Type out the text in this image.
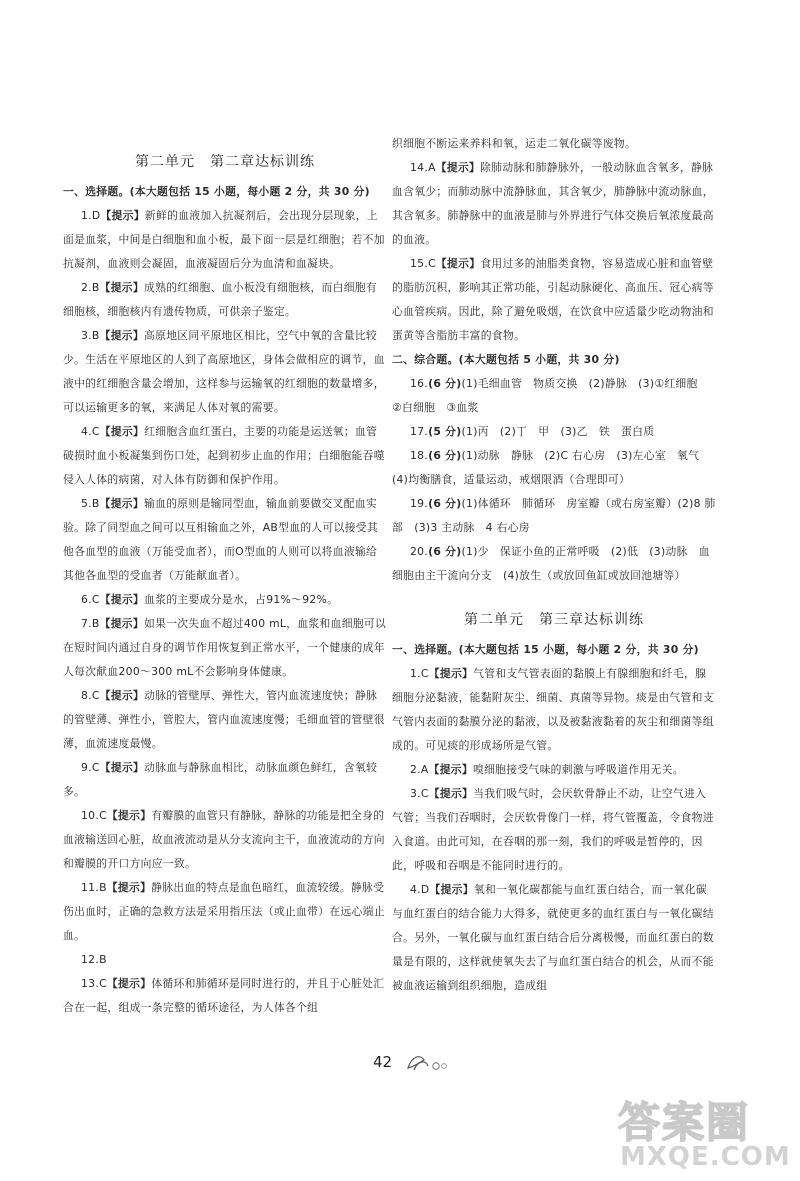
第二单元　第二章达标训练

一、选择题。(本大题包括 15 小题，每小题 2 分，共 30 分)

1.D【提示】新鲜的血液加入抗凝剂后，会出现分层现象，上面是血浆，中间是白细胞和血小板，最下面一层是红细胞；若不加抗凝剂，血液则会凝固，血液凝固后分为血清和血凝块。

2.B【提示】成熟的红细胞、血小板没有细胞核，而白细胞有细胞核，细胞核内有遗传物质，可供亲子鉴定。

3.B【提示】高原地区同平原地区相比，空气中氧的含量比较少。生活在平原地区的人到了高原地区，身体会做相应的调节，血液中的红细胞含量会增加，这样参与运输氧的红细胞的数量增多，可以运输更多的氧，来满足人体对氧的需要。

4.C【提示】红细胞含血红蛋白，主要的功能是运送氧；血管破损时血小板凝集到伤口处，起到初步止血的作用；白细胞能吞噬侵入人体的病菌，对人体有防御和保护作用。

5.B【提示】输血的原则是输同型血，输血前要做交叉配血实验。除了同型血之间可以互相输血之外，AB型血的人可以接受其他各血型的血液（万能受血者），而O型血的人则可以将血液输给其他各血型的受血者（万能献血者）。

6.C【提示】血浆的主要成分是水，占91%～92%。

7.B【提示】如果一次失血不超过400 mL，血浆和血细胞可以在短时间内通过自身的调节作用恢复到正常水平，一个健康的成年人每次献血200～300 mL不会影响身体健康。

8.C【提示】动脉的管壁厚、弹性大，管内血流速度快；静脉的管壁薄、弹性小，管腔大，管内血流速度慢；毛细血管的管壁很薄，血流速度最慢。

9.C【提示】动脉血与静脉血相比，动脉血颜色鲜红，含氧较多。

10.C【提示】有瓣膜的血管只有静脉，静脉的功能是把全身的血液输送回心脏，故血液流动是从分支流向主干，血液流动的方向和瓣膜的开口方向应一致。

11.B【提示】静脉出血的特点是血色暗红，血流较缓。静脉受伤出血时，正确的急救方法是采用指压法（或止血带）在远心端止血。

12.B

13.C【提示】体循环和肺循环是同时进行的，并且于心脏处汇合在一起，组成一条完整的循环途径，为人体各个组

织细胞不断运来养料和氧，运走二氧化碳等废物。

14.A【提示】除肺动脉和肺静脉外，一般动脉血含氧多，静脉血含氧少；而肺动脉中流静脉血，其含氧少，肺静脉中流动脉血，其含氧多。肺静脉中的血液是肺与外界进行气体交换后氧浓度最高的血液。

15.C【提示】食用过多的油脂类食物，容易造成心脏和血管壁的脂肪沉积，影响其正常功能，引起动脉硬化、高血压、冠心病等心血管疾病。因此，除了避免吸烟，在饮食中应适量少吃动物油和蛋黄等含脂肪丰富的食物。

二、综合题。(本大题包括 5 小题，共 30 分)

16.(6 分)(1)毛细血管　物质交换　(2)静脉　(3)①红细胞　②白细胞　③血浆

17.(5 分)(1)丙　(2)丁　甲　(3)乙　铁　蛋白质

18.(6 分)(1)动脉　静脉　(2)C 右心房　(3)左心室　氧气　(4)均衡膳食，适量运动，戒烟限酒（合理即可）

19.(6 分)(1)体循环　肺循环　房室瓣（或右房室瓣）(2)8 肺部　(3)3 主动脉　4 右心房

20.(6 分)(1)少　保证小鱼的正常呼吸　(2)低　(3)动脉　血细胞由主干流向分支　(4)放生（或放回鱼缸或放回池塘等）

第二单元　第三章达标训练

一、选择题。(本大题包括 15 小题，每小题 2 分，共 30 分)

1.C【提示】气管和支气管表面的黏膜上有腺细胞和纤毛，腺细胞分泌黏液，能黏附灰尘、细菌、真菌等异物。痰是由气管和支气管内表面的黏膜分泌的黏液，以及被黏液黏着的灰尘和细菌等组成的。可见痰的形成场所是气管。

2.A【提示】嗅细胞接受气味的刺激与呼吸道作用无关。

3.C【提示】当我们吸气时，会厌软骨静止不动，让空气进入气管；当我们吞咽时，会厌软骨像门一样，将气管覆盖，令食物进入食道。由此可知，在吞咽的那一刻，我们的呼吸是暂停的，因此，呼吸和吞咽是不能同时进行的。

4.D【提示】氧和一氧化碳都能与血红蛋白结合，而一氧化碳与血红蛋白的结合能力大得多，就使更多的血红蛋白与一氧化碳结合。另外，一氧化碳与血红蛋白结合后分离极慢，而血红蛋白的数量是有限的，这样就使氧失去了与血红蛋白结合的机会，从而不能被血液运输到组织细胞，造成组

42
答案圈
MXQE.COM
